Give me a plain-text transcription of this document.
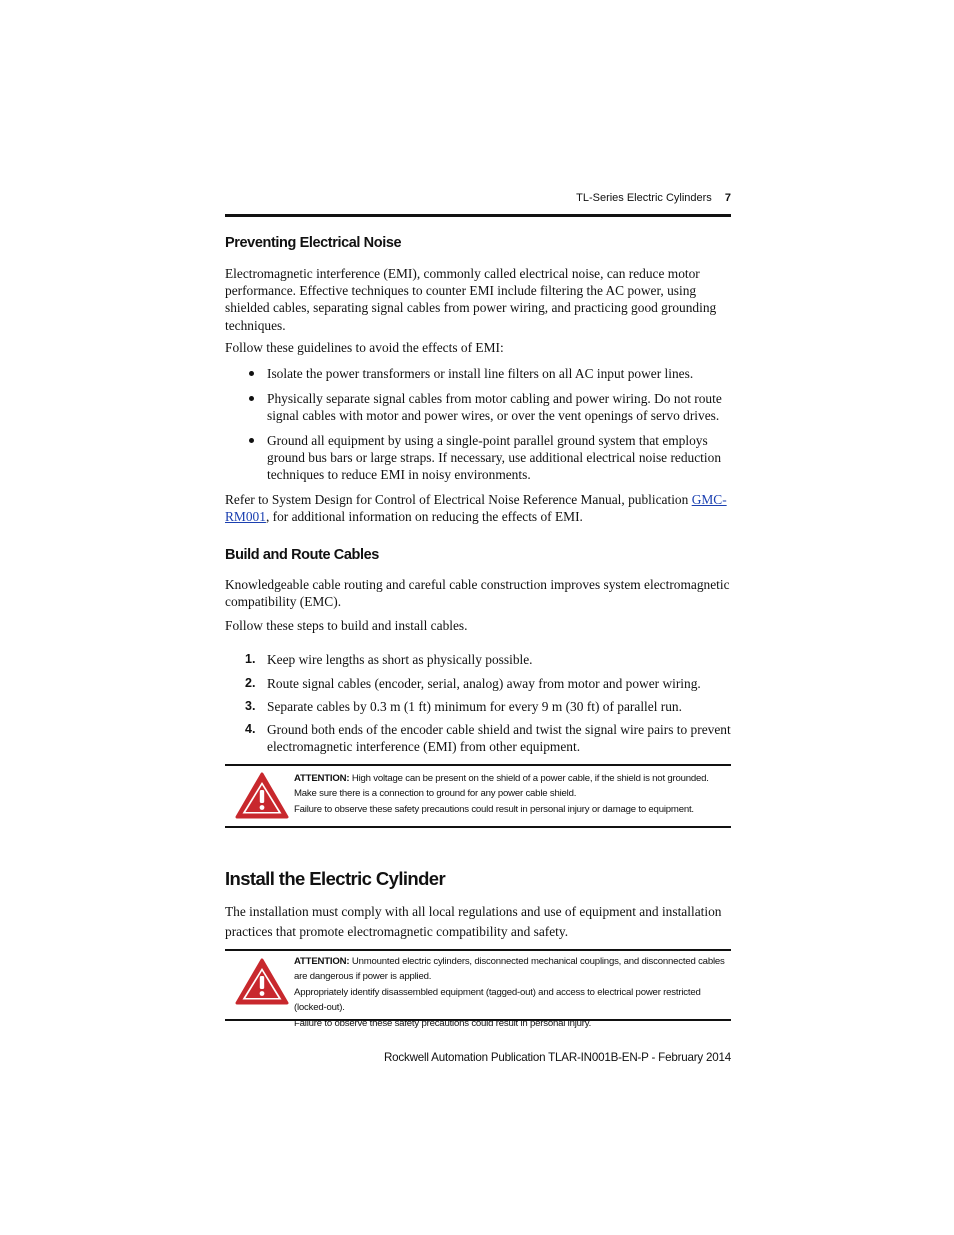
TL-Series Electric Cylinders 7
Preventing Electrical Noise

Electromagnetic interference (EMI), commonly called electrical noise, can reduce motor performance. Effective techniques to counter EMI include filtering the AC power, using shielded cables, separating signal cables from power wiring, and practicing good grounding techniques.

Follow these guidelines to avoid the effects of EMI:

Isolate the power transformers or install line filters on all AC input power lines.
Physically separate signal cables from motor cabling and power wiring. Do not route signal cables with motor and power wires, or over the vent openings of servo drives.
Ground all equipment by using a single-point parallel ground system that employs ground bus bars or large straps. If necessary, use additional electrical noise reduction techniques to reduce EMI in noisy environments.

Refer to System Design for Control of Electrical Noise Reference Manual, publication GMC-RM001, for additional information on reducing the effects of EMI.

Build and Route Cables

Knowledgeable cable routing and careful cable construction improves system electromagnetic compatibility (EMC).

Follow these steps to build and install cables.

1. Keep wire lengths as short as physically possible.
2. Route signal cables (encoder, serial, analog) away from motor and power wiring.
3. Separate cables by 0.3 m (1 ft) minimum for every 9 m (30 ft) of parallel run.
4. Ground both ends of the encoder cable shield and twist the signal wire pairs to prevent electromagnetic interference (EMI) from other equipment.
ATTENTION: High voltage can be present on the shield of a power cable, if the shield is not grounded.
Make sure there is a connection to ground for any power cable shield.
Failure to observe these safety precautions could result in personal injury or damage to equipment.
Install the Electric Cylinder

The installation must comply with all local regulations and use of equipment and installation practices that promote electromagnetic compatibility and safety.

ATTENTION: Unmounted electric cylinders, disconnected mechanical couplings, and disconnected cables are dangerous if power is applied.
Appropriately identify disassembled equipment (tagged-out) and access to electrical power restricted (locked-out).
Failure to observe these safety precautions could result in personal injury.
Rockwell Automation Publication TLAR-IN001B-EN-P - February 2014
